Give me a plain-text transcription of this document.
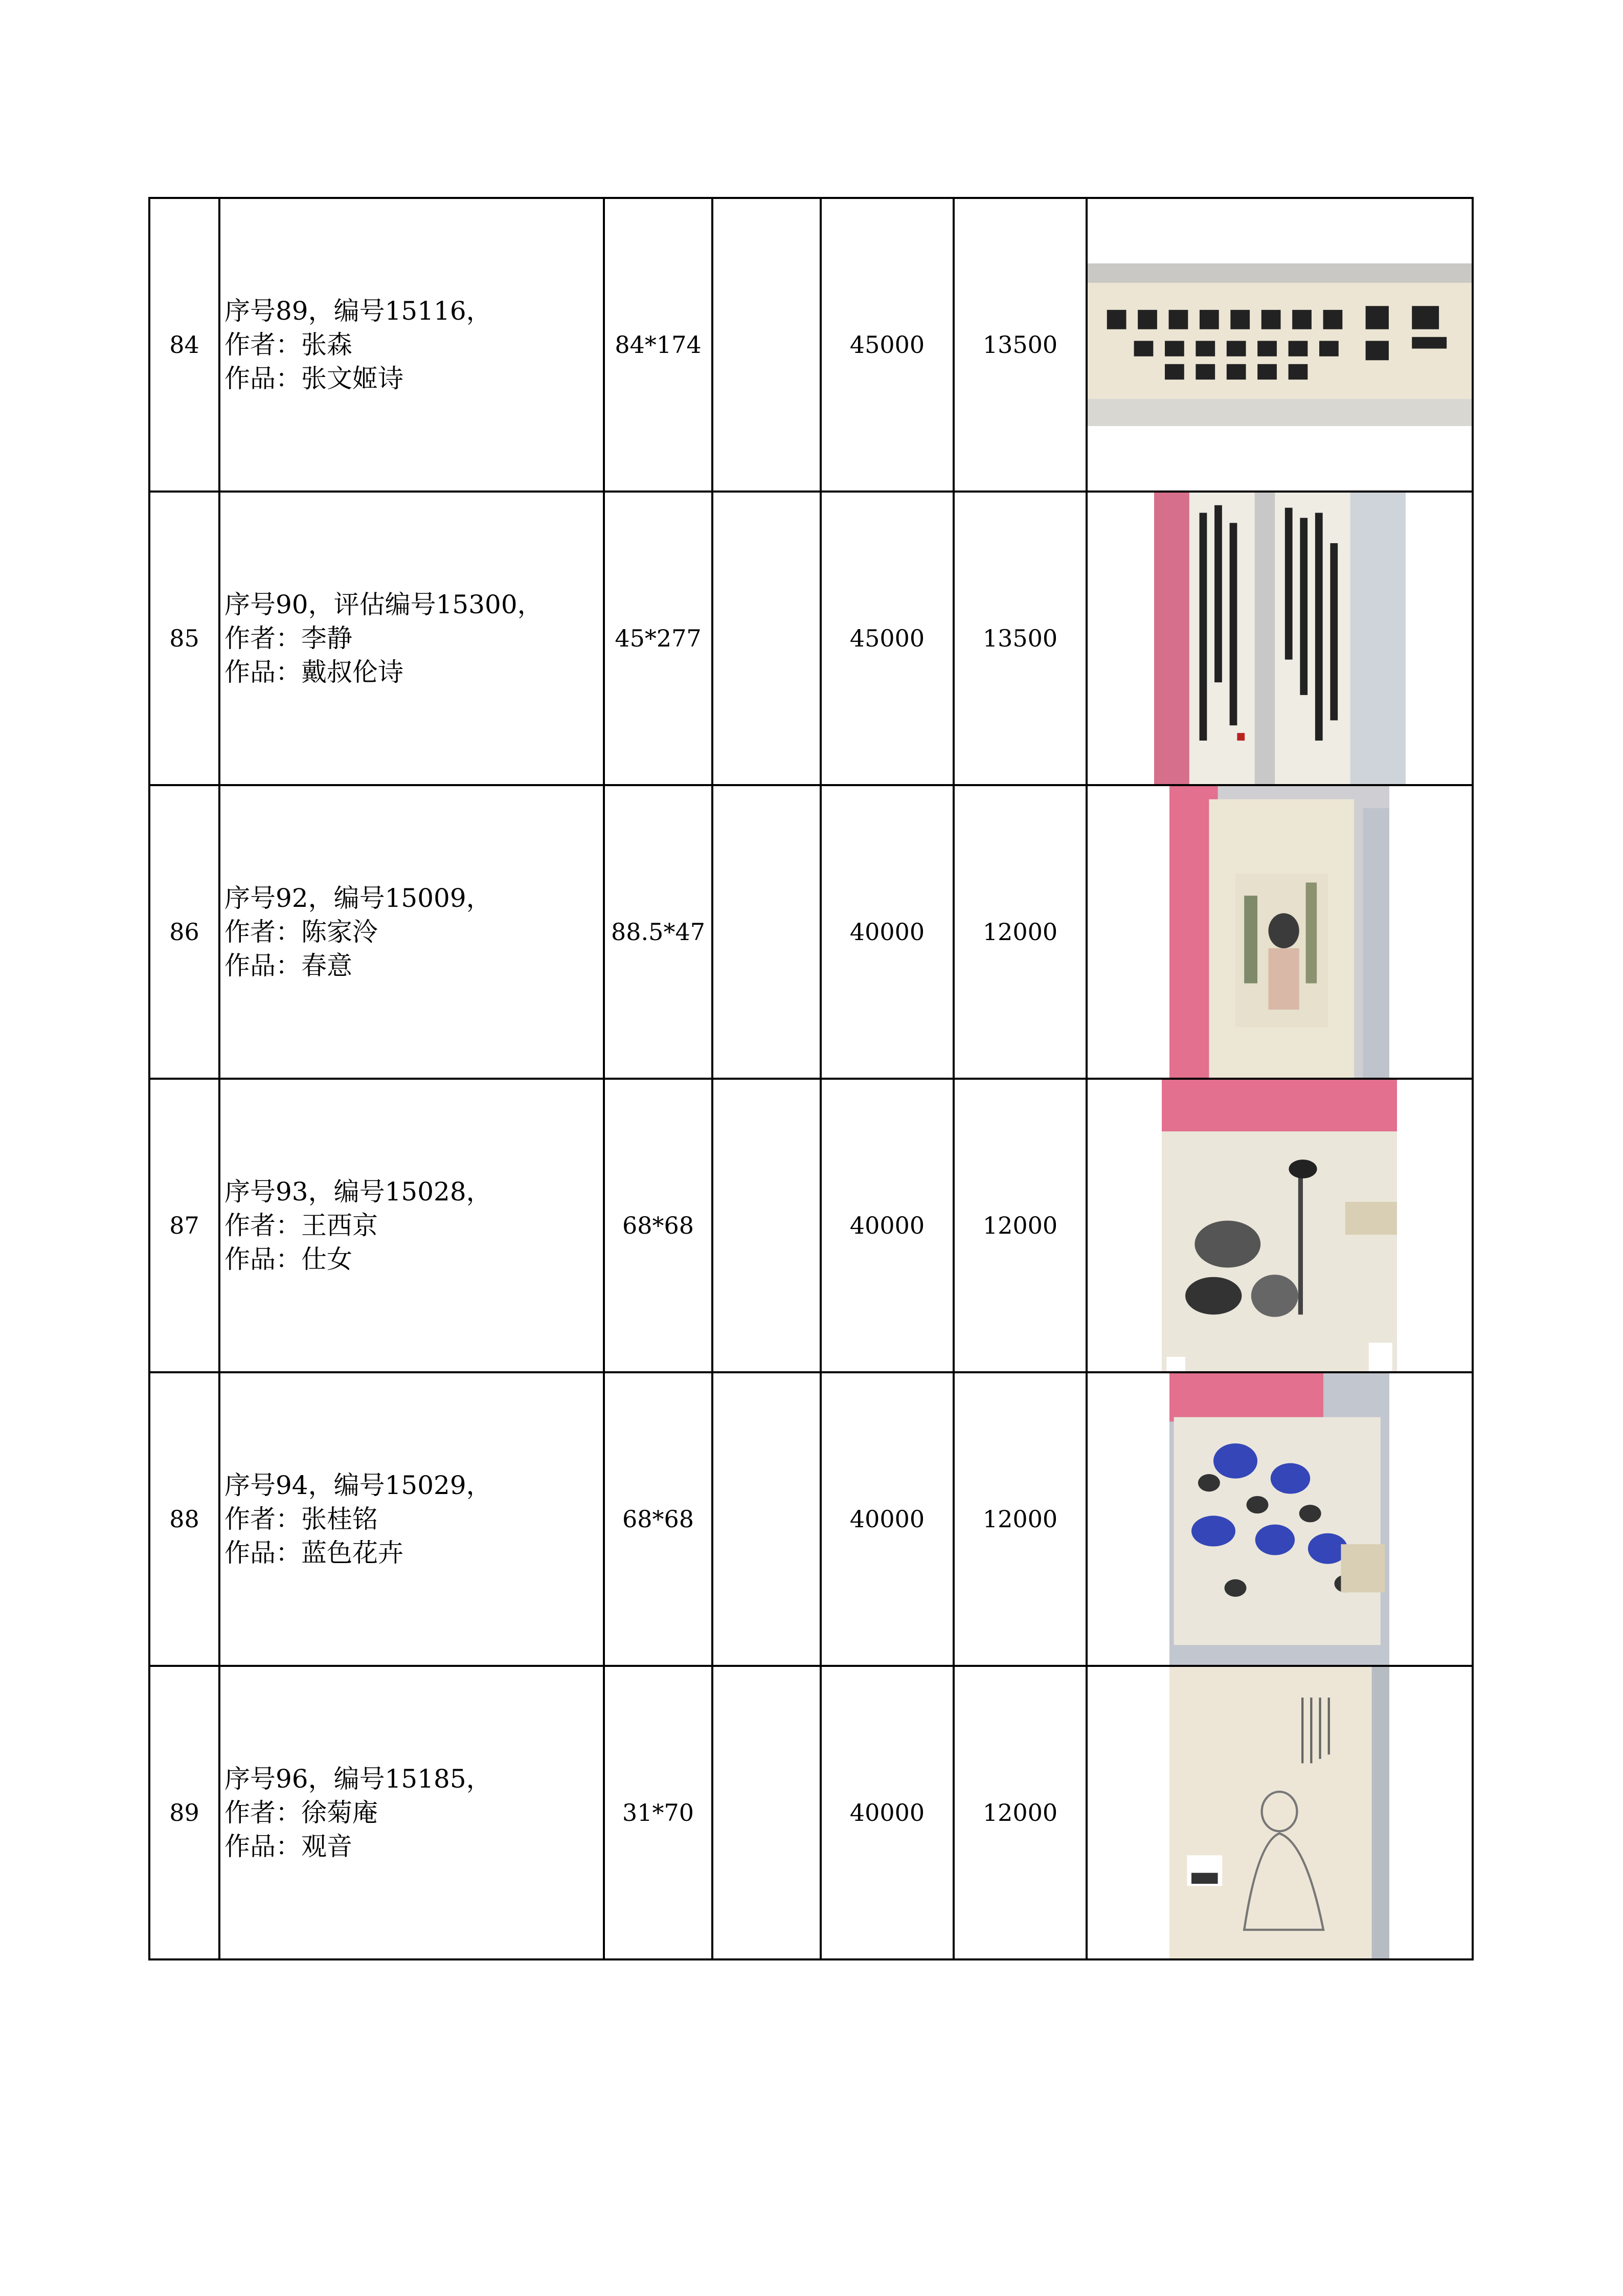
84	序号89，编号15116，
作者：张森
作品：张文姬诗	84*174		45000	13500	

85	序号90，评估编号15300，
作者：李静
作品：戴叔伦诗	45*277		45000	13500	

86	序号92，编号15009，
作者：陈家泠
作品：春意	88.5*47		40000	12000	

87	序号93，编号15028，
作者：王西京
作品：仕女	68*68		40000	12000	

88	序号94，编号15029，
作者：张桂铭
作品：蓝色花卉	68*68		40000	12000	

89	序号96，编号15185，
作者：徐菊庵
作品：观音	31*70		40000	12000	
